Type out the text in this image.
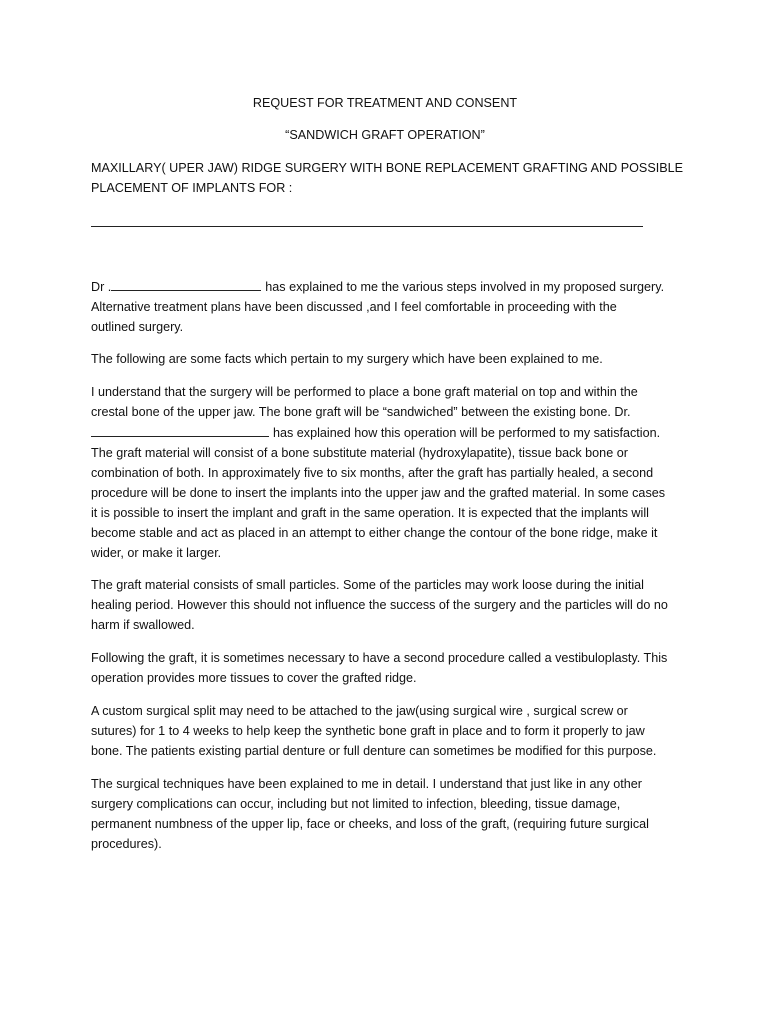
REQUEST FOR TREATMENT AND CONSENT
“SANDWICH GRAFT OPERATION”
MAXILLARY( UPER JAW) RIDGE SURGERY WITH BONE REPLACEMENT GRAFTING AND POSSIBLE
PLACEMENT OF IMPLANTS FOR :
Dr .	has explained to me the various steps involved in my proposed surgery.
Alternative treatment plans have been discussed ,and I feel comfortable in proceeding with the
outlined surgery.
The following are some facts which pertain to my surgery which have been explained to me.
I understand that the surgery will be performed to place a bone graft material on top and within the
crestal bone of the upper jaw. The bone graft will be “sandwiched” between the existing bone. Dr.
has explained how this operation will be performed to my satisfaction.
The graft material will consist of a bone substitute material (hydroxylapatite), tissue back bone or
combination of both. In approximately five to six months, after the graft has partially healed, a second
procedure will be done to insert the implants into the upper jaw and the grafted material. In some cases
it is possible to insert the implant and graft in the same operation. It is expected that the implants will
become stable and act as placed in an attempt to either change the contour of the bone ridge, make it
wider, or make it larger.
The graft material consists of small particles. Some of the particles may work loose during the initial
healing period. However this should not influence the success of the surgery and the particles will do no
harm if swallowed.
Following the graft, it is sometimes necessary to have a second procedure called a vestibuloplasty. This
operation provides more tissues to cover the grafted ridge.
A custom surgical split may need to be attached to the jaw(using surgical wire , surgical screw or
sutures) for 1 to 4 weeks to help keep the synthetic bone graft in place and to form it properly to jaw
bone. The patients existing partial denture or full denture can sometimes be modified for this purpose.
The surgical techniques have been explained to me in detail. I understand that just like in any other
surgery complications can occur, including but not limited to infection, bleeding, tissue damage,
permanent numbness of the upper lip, face or cheeks, and loss of the graft, (requiring future surgical
procedures).
